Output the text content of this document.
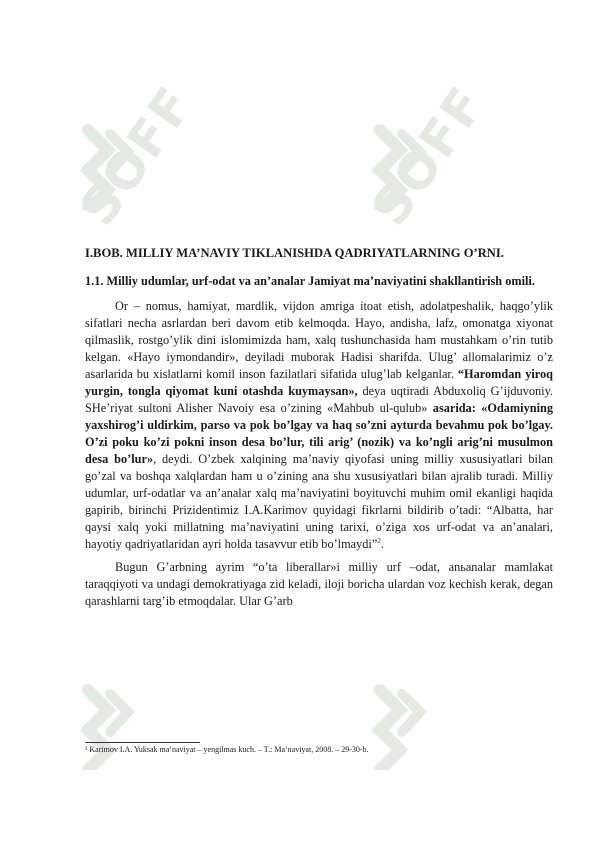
SOFF	SOFF
I.BOB. MILLIY MA’NAVIY TIKLANISHDA QADRIYATLARNING O’RNI.
1.1. Milliy udumlar, urf-odat va an’analar Jamiyat ma’naviyatini shakllantirish omili.

Or – nomus, hamiyat, mardlik, vijdon amriga itoat etish, adolatpeshalik, haqgo’ylik sifatlari necha asrlardan beri davom etib kelmoqda. Hayo, andisha, lafz, omonatga xiyonat qilmaslik, rostgo’ylik dini islomimizda ham, xalq tushunchasida ham mustahkam o’rin tutib kelgan. «Hayo iymondandir», deyiladi muborak Hadisi sharifda. Ulug’ allomalarimiz o’z asarlarida bu xislatlarni komil inson fazilatlari sifatida ulug’lab kelganlar. “Haromdan yiroq yurgin, tongla qiyomat kuni otashda kuymaysan», deya uqtiradi Abduxoliq G’ijduvoniy. SHe’riyat sultoni Alisher Navoiy esa o’zining «Mahbub ul-qulub» asarida: «Odamiyning yaxshirog’i uldirkim, parso va pok bo’lgay va haq so’zni ayturda bevahmu pok bo’lgay. O’zi poku ko’zi pokni inson desa bo’lur, tili arig’ (nozik) va ko’ngli arig’ni musulmon desa bo’lur», deydi. O’zbek xalqining ma’naviy qiyofasi uning milliy xususiyatlari bilan go’zal va boshqa xalqlardan ham u o’zining ana shu xususiyatlari bilan ajralib turadi. Milliy udumlar, urf-odatlar va an’analar xalq ma’naviyatini boyituvchi muhim omil ekanligi haqida gapirib, birinchi Prizidentimiz I.A.Karimov quyidagi fikrlarni bildirib o’tadi: “Albatta, har qaysi xalq yoki millatning ma’naviyatini uning tarixi, o’ziga xos urf-odat va an’analari, hayotiy qadriyatlaridan ayri holda tasavvur etib bo’lmaydi”$^2$.

Bugun G’arbning ayrim “o’ta liberallar»i milliy urf –odat, anьanalar mamlakat taraqqiyoti va undagi demokratiyaga zid keladi, iloji boricha ulardan voz kechish kerak, degan qarashlarni targ’ib etmoqdalar. Ular G’arb

² Karimov I.A. Yuksak ma’naviyat – yengilmas kuch. – T.: Ma’naviyat, 2008. – 29-30-b.
